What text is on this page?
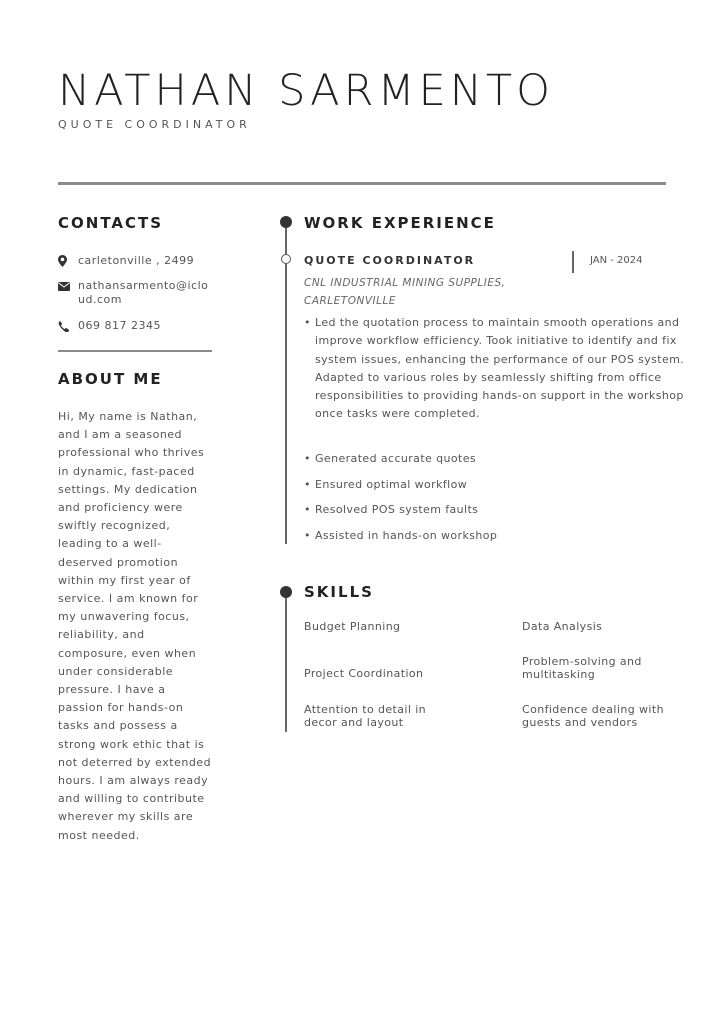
NATHAN SARMENTO
QUOTE COORDINATOR
CONTACTS
carletonville , 2499
nathansarmento@icloud.com
069 817 2345
ABOUT ME
Hi, My name is Nathan, and I am a seasoned professional who thrives in dynamic, fast-paced settings. My dedication and proficiency were swiftly recognized, leading to a well-deserved promotion within my first year of service. I am known for my unwavering focus, reliability, and composure, even when under considerable pressure. I have a passion for hands-on tasks and possess a strong work ethic that is not deterred by extended hours. I am always ready and willing to contribute wherever my skills are most needed.
WORK EXPERIENCE
QUOTE COORDINATOR	JAN - 2024
CNL INDUSTRIAL MINING SUPPLIES, CARLETONVILLE
• Led the quotation process to maintain smooth operations and improve workflow efficiency. Took initiative to identify and fix system issues, enhancing the performance of our POS system. Adapted to various roles by seamlessly shifting from office responsibilities to providing hands-on support in the workshop once tasks were completed.
• Generated accurate quotes
• Ensured optimal workflow
• Resolved POS system faults
• Assisted in hands-on workshop
SKILLS
Budget Planning	Data Analysis
Project Coordination
Problem-solving and multitasking
Attention to detail in decor and layout
Confidence dealing with guests and vendors
